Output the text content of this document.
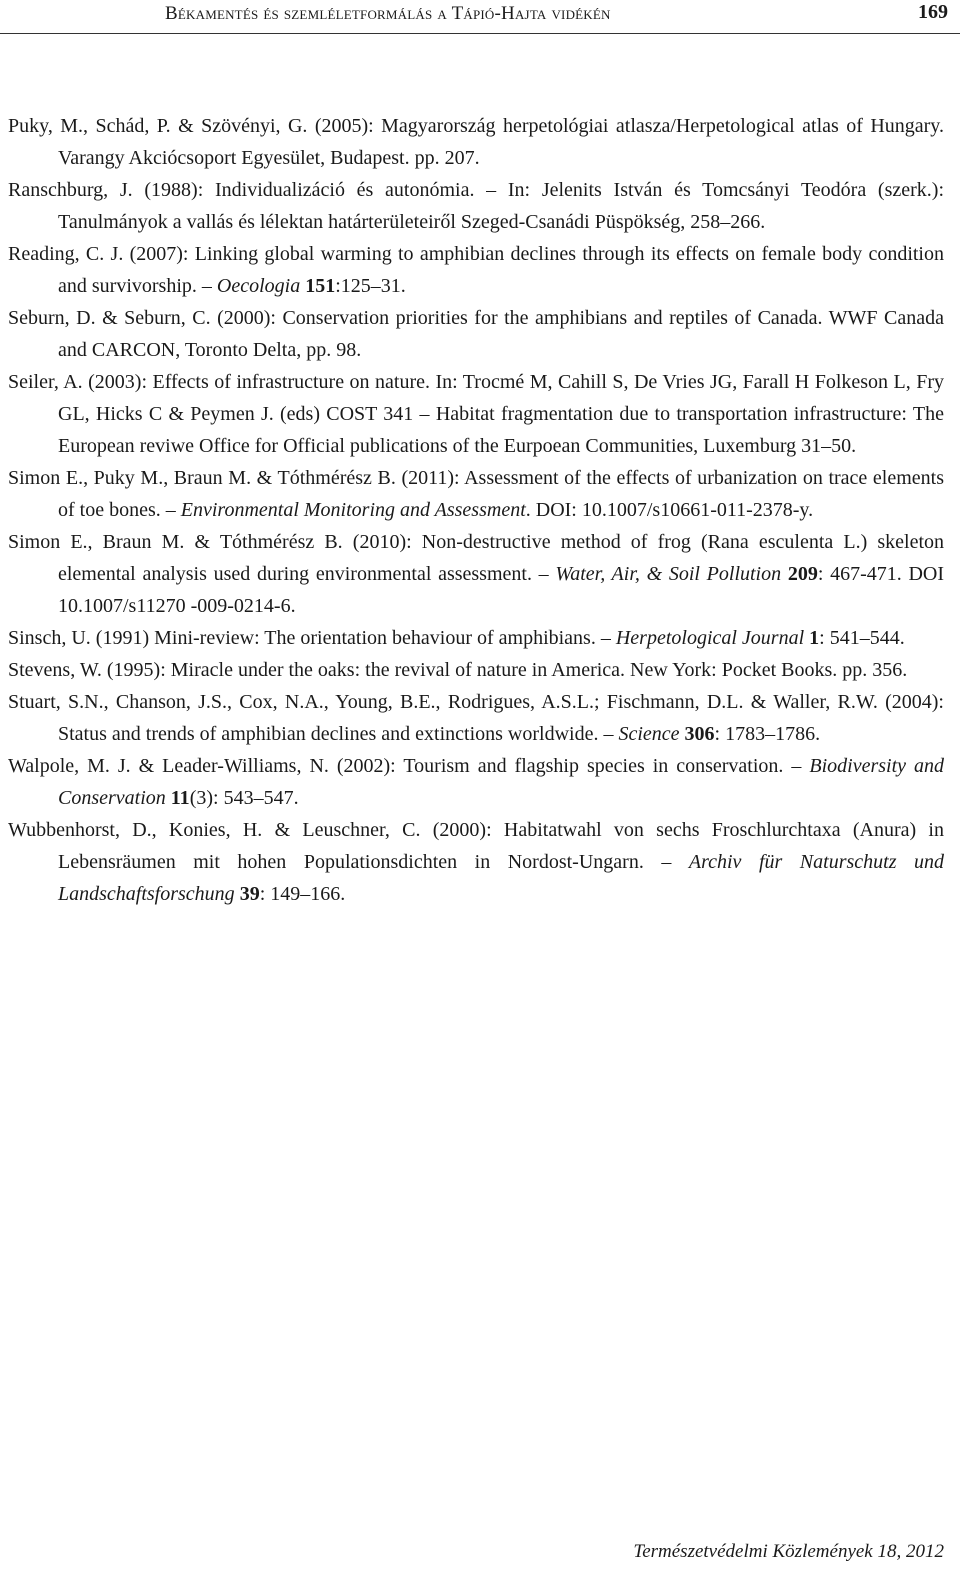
Békamentés és szemléletformálás a Tápió-Hajta vidékén	169

Puky, M., Schád, P. & Szövényi, G. (2005): Magyarország herpetológiai atlasza/Herpetological atlas of Hungary. Varangy Akciócsoport Egyesület, Budapest. pp. 207.

Ranschburg, J. (1988): Individualizáció és autonómia. – In: Jelenits István és Tomcsányi Teodóra (szerk.): Tanulmányok a vallás és lélektan határterületeiről Szeged-Csanádi Püspökség, 258–266.

Reading, C. J. (2007): Linking global warming to amphibian declines through its effects on female body condition and survivorship. – Oecologia 151:125–31.

Seburn, D. & Seburn, C. (2000): Conservation priorities for the amphibians and reptiles of Canada. WWF Canada and CARCON, Toronto Delta, pp. 98.

Seiler, A. (2003): Effects of infrastructure on nature. In: Trocmé M, Cahill S, De Vries JG, Farall H Folkeson L, Fry GL, Hicks C & Peymen J. (eds) COST 341 – Habitat fragmentation due to transportation infrastructure: The European reviwe Office for Official publications of the Eurpoean Communities, Luxemburg 31–50.

Simon E., Puky M., Braun M. & Tóthmérész B. (2011): Assessment of the effects of urbanization on trace elements of toe bones. – Environmental Monitoring and Assessment. DOI: 10.1007/s10661-011-2378-y.

Simon E., Braun M. & Tóthmérész B. (2010): Non-destructive method of frog (Rana esculenta L.) skeleton elemental analysis used during environmental assessment. – Water, Air, & Soil Pollution 209: 467-471. DOI 10.1007/s11270 -009-0214-6.

Sinsch, U. (1991) Mini-review: The orientation behaviour of amphibians. – Herpetological Journal 1: 541–544.

Stevens, W. (1995): Miracle under the oaks: the revival of nature in America. New York: Pocket Books. pp. 356.

Stuart, S.N., Chanson, J.S., Cox, N.A., Young, B.E., Rodrigues, A.S.L.; Fischmann, D.L. & Waller, R.W. (2004): Status and trends of amphibian declines and extinctions worldwide. – Science 306: 1783–1786.

Walpole, M. J. & Leader-Williams, N. (2002): Tourism and flagship species in conservation. – Biodiversity and Conservation 11(3): 543–547.

Wubbenhorst, D., Konies, H. & Leuschner, C. (2000): Habitatwahl von sechs Froschlurchtaxa (Anura) in Lebensräumen mit hohen Populationsdichten in Nordost-Ungarn. – Archiv für Naturschutz und Landschaftsforschung 39: 149–166.

Természetvédelmi Közlemények 18, 2012
